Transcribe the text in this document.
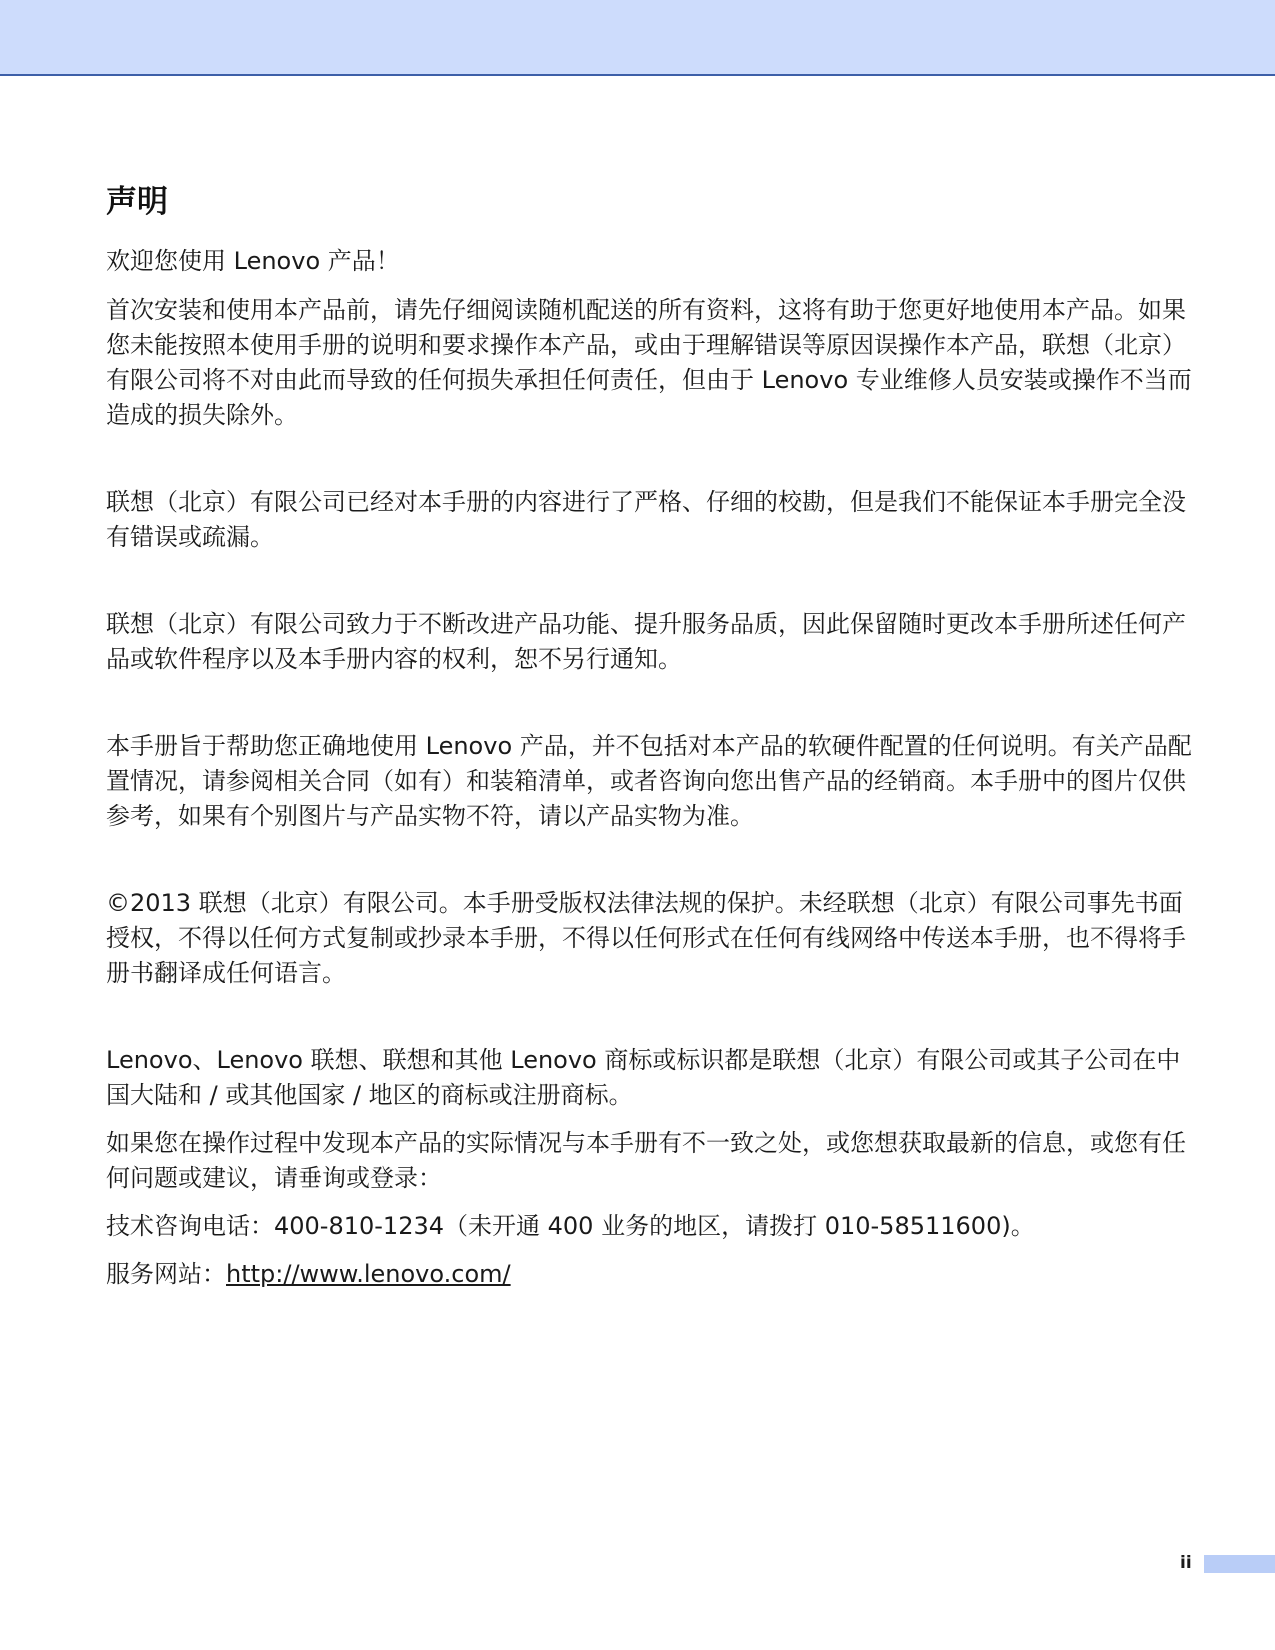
声明

欢迎您使用 Lenovo 产品！

首次安装和使用本产品前，请先仔细阅读随机配送的所有资料，这将有助于您更好地使用本产品。如果您未能按照本使用手册的说明和要求操作本产品，或由于理解错误等原因误操作本产品，联想（北京）有限公司将不对由此而导致的任何损失承担任何责任，但由于 Lenovo 专业维修人员安装或操作不当而造成的损失除外。

联想（北京）有限公司已经对本手册的内容进行了严格、仔细的校勘，但是我们不能保证本手册完全没有错误或疏漏。

联想（北京）有限公司致力于不断改进产品功能、提升服务品质，因此保留随时更改本手册所述任何产品或软件程序以及本手册内容的权利，恕不另行通知。

本手册旨于帮助您正确地使用 Lenovo 产品，并不包括对本产品的软硬件配置的任何说明。有关产品配置情况，请参阅相关合同（如有）和装箱清单，或者咨询向您出售产品的经销商。本手册中的图片仅供参考，如果有个别图片与产品实物不符，请以产品实物为准。

©2013 联想（北京）有限公司。本手册受版权法律法规的保护。未经联想（北京）有限公司事先书面授权，不得以任何方式复制或抄录本手册，不得以任何形式在任何有线网络中传送本手册，也不得将手册书翻译成任何语言。

Lenovo、Lenovo 联想、联想和其他 Lenovo 商标或标识都是联想（北京）有限公司或其子公司在中国大陆和 / 或其他国家 / 地区的商标或注册商标。

如果您在操作过程中发现本产品的实际情况与本手册有不一致之处，或您想获取最新的信息，或您有任何问题或建议，请垂询或登录：

技术咨询电话：400-810-1234（未开通 400 业务的地区，请拨打 010-58511600)。

服务网站：http://www.lenovo.com/

ii
